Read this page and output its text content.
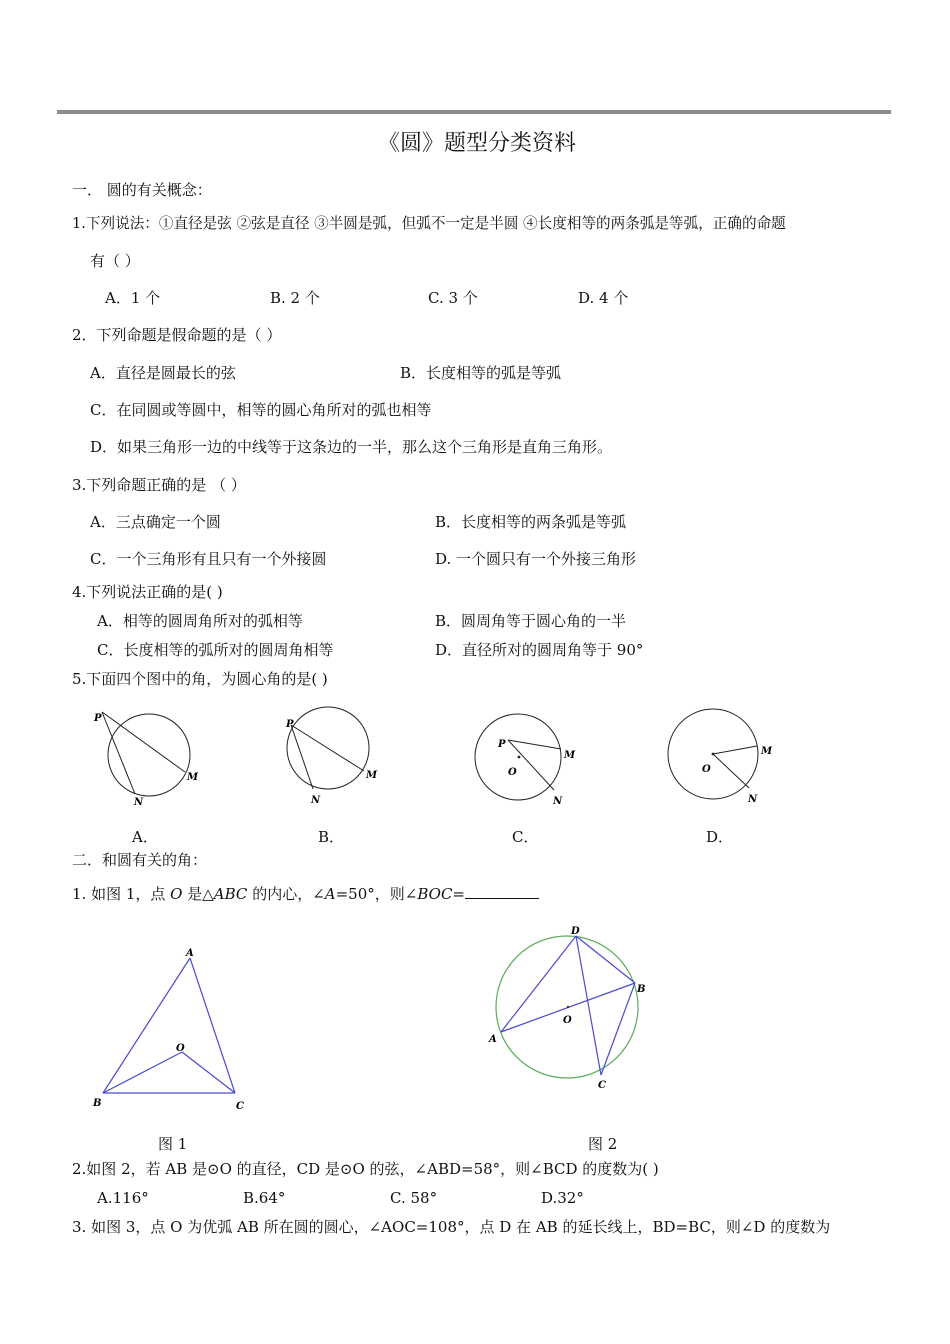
《圆》题型分类资料
一． 圆的有关概念：
1.下列说法：①直径是弦 ②弦是直径 ③半圆是弧，但弧不一定是半圆 ④长度相等的两条弧是等弧，正确的命题
有（ ）
A．1 个	B. 2 个	C. 3 个	D. 4 个
2．下列命题是假命题的是（ ）
A．直径是圆最长的弦	B．长度相等的弧是等弧
C．在同圆或等圆中，相等的圆心角所对的弧也相等
D．如果三角形一边的中线等于这条边的一半，那么这个三角形是直角三角形。
3.下列命题正确的是 （ ）
A．三点确定一个圆	B．长度相等的两条弧是等弧
C．一个三角形有且只有一个外接圆	D. 一个圆只有一个外接三角形
4.下列说法正确的是( )
A．相等的圆周角所对的弧相等	B．圆周角等于圆心角的一半
C．长度相等的弧所对的圆周角相等	D．直径所对的圆周角等于 90°
5.下面四个图中的角，为圆心角的是( )
P
M
N
A．
P
M
N
B．
P
M
O
N
C．
O
M
N
D．
二．和圆有关的角：
1. 如图 1，点 O 是△ABC 的内心，∠A=50°，则∠BOC=
A
O
B	C
图 1
D
B
O
A
C
图 2
2.如图 2，若 AB 是⊙O 的直径，CD 是⊙O 的弦，∠ABD=58°，则∠BCD 的度数为( )
A.116°	B.64°	C. 58°	D.32°
3. 如图 3，点 O 为优弧 AB 所在圆的圆心，∠AOC=108°，点 D 在 AB 的延长线上，BD=BC，则∠D 的度数为
